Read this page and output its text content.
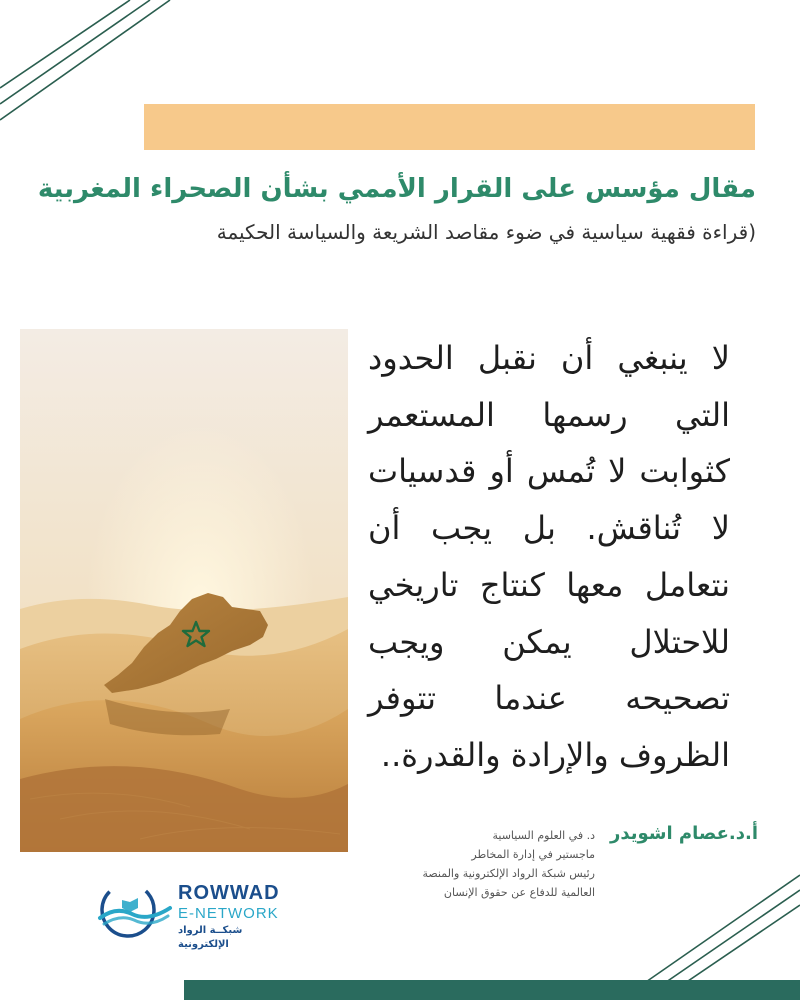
مقال مؤسس على القرار الأممي بشأن الصحراء المغربية
(قراءة فقهية سياسية في ضوء مقاصد الشريعة والسياسة الحكيمة

لا ينبغي أن نقبل الحدود التي رسمها المستعمر كثوابت لا تُمس أو قدسيات لا تُناقش. بل يجب أن نتعامل معها كنتاج تاريخي للاحتلال يمكن ويجب تصحيحه عندما تتوفر الظروف والإرادة والقدرة..

أ.د.عصام اشويدر
د. في العلوم السياسية
ماجستير في إدارة المخاطر
رئيس شبكة الرواد الإلكترونية والمنصة
العالمية للدفاع عن حقوق الإنسان
ROWWAD
E-NETWORK
شبكــة الرواد الإلكترونية
